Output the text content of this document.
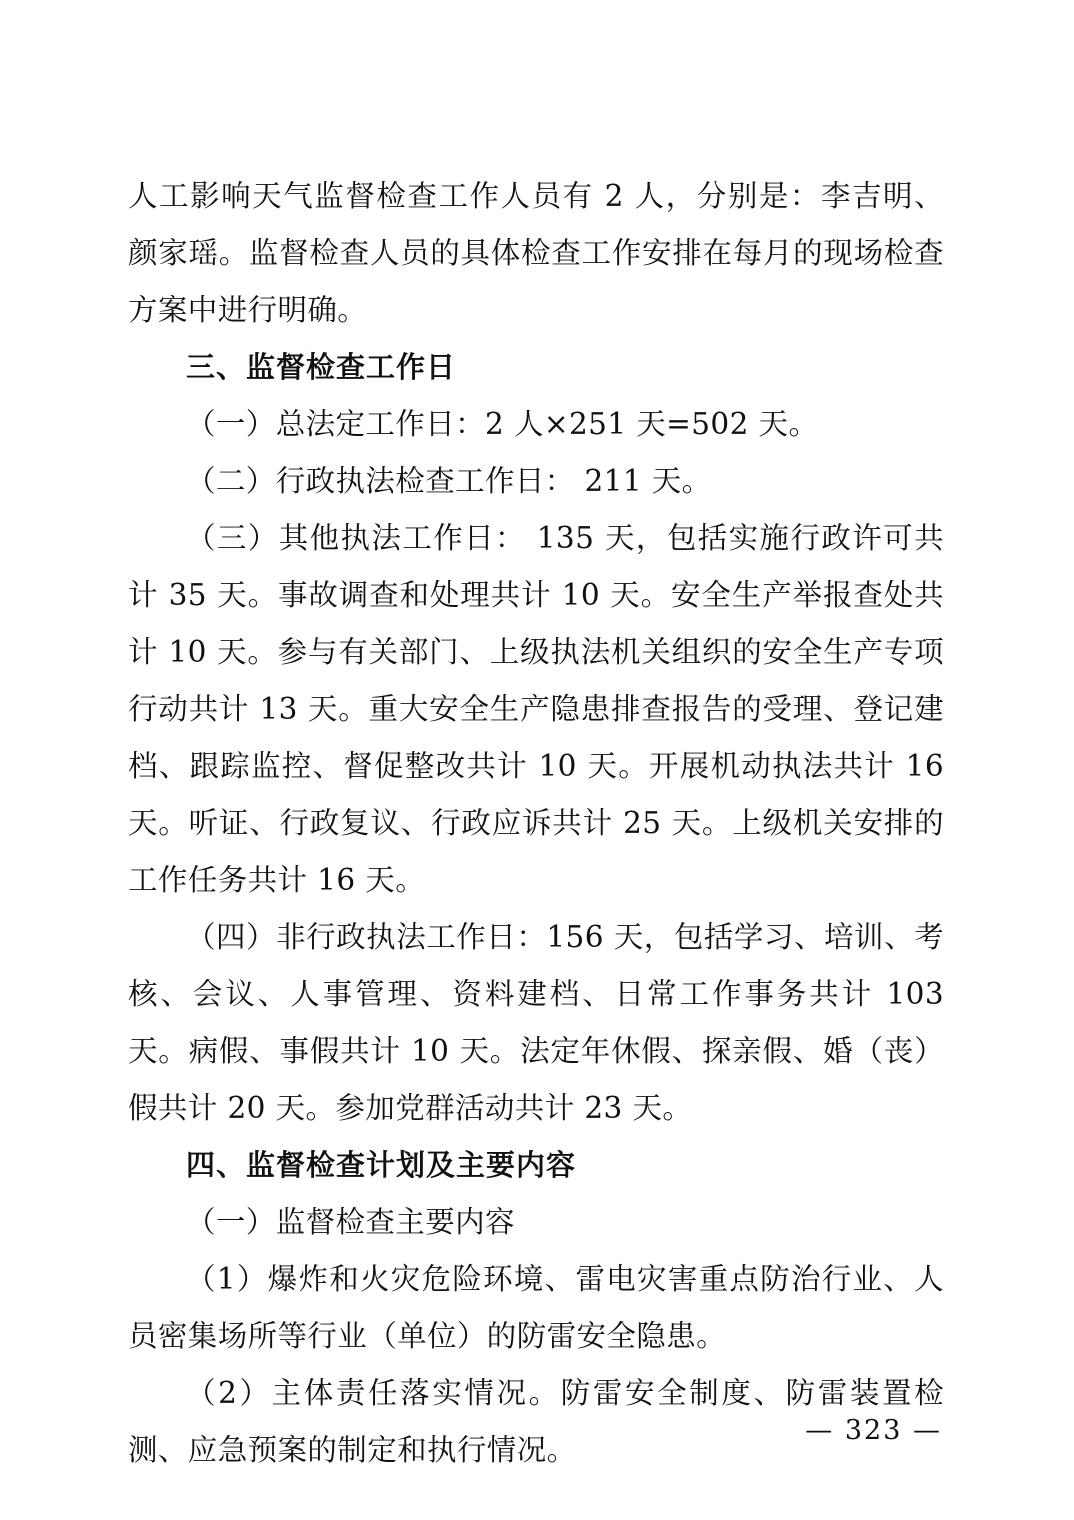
人工影响天气监督检查工作人员有 2 人，分别是：李吉明、颜家瑶。监督检查人员的具体检查工作安排在每月的现场检查方案中进行明确。

三、监督检查工作日

（一）总法定工作日：2 人×251 天=502 天。

（二）行政执法检查工作日： 211 天。

（三）其他执法工作日： 135 天，包括实施行政许可共计 35 天。事故调查和处理共计 10 天。安全生产举报查处共计 10 天。参与有关部门、上级执法机关组织的安全生产专项行动共计 13 天。重大安全生产隐患排查报告的受理、登记建档、跟踪监控、督促整改共计 10 天。开展机动执法共计 16 天。听证、行政复议、行政应诉共计 25 天。上级机关安排的工作任务共计 16 天。

（四）非行政执法工作日：156 天，包括学习、培训、考核、会议、人事管理、资料建档、日常工作事务共计 103 天。病假、事假共计 10 天。法定年休假、探亲假、婚（丧）假共计 20 天。参加党群活动共计 23 天。

四、监督检查计划及主要内容

（一）监督检查主要内容

（1）爆炸和火灾危险环境、雷电灾害重点防治行业、人员密集场所等行业（单位）的防雷安全隐患。

（2）主体责任落实情况。防雷安全制度、防雷装置检测、应急预案的制定和执行情况。

— 323 —
